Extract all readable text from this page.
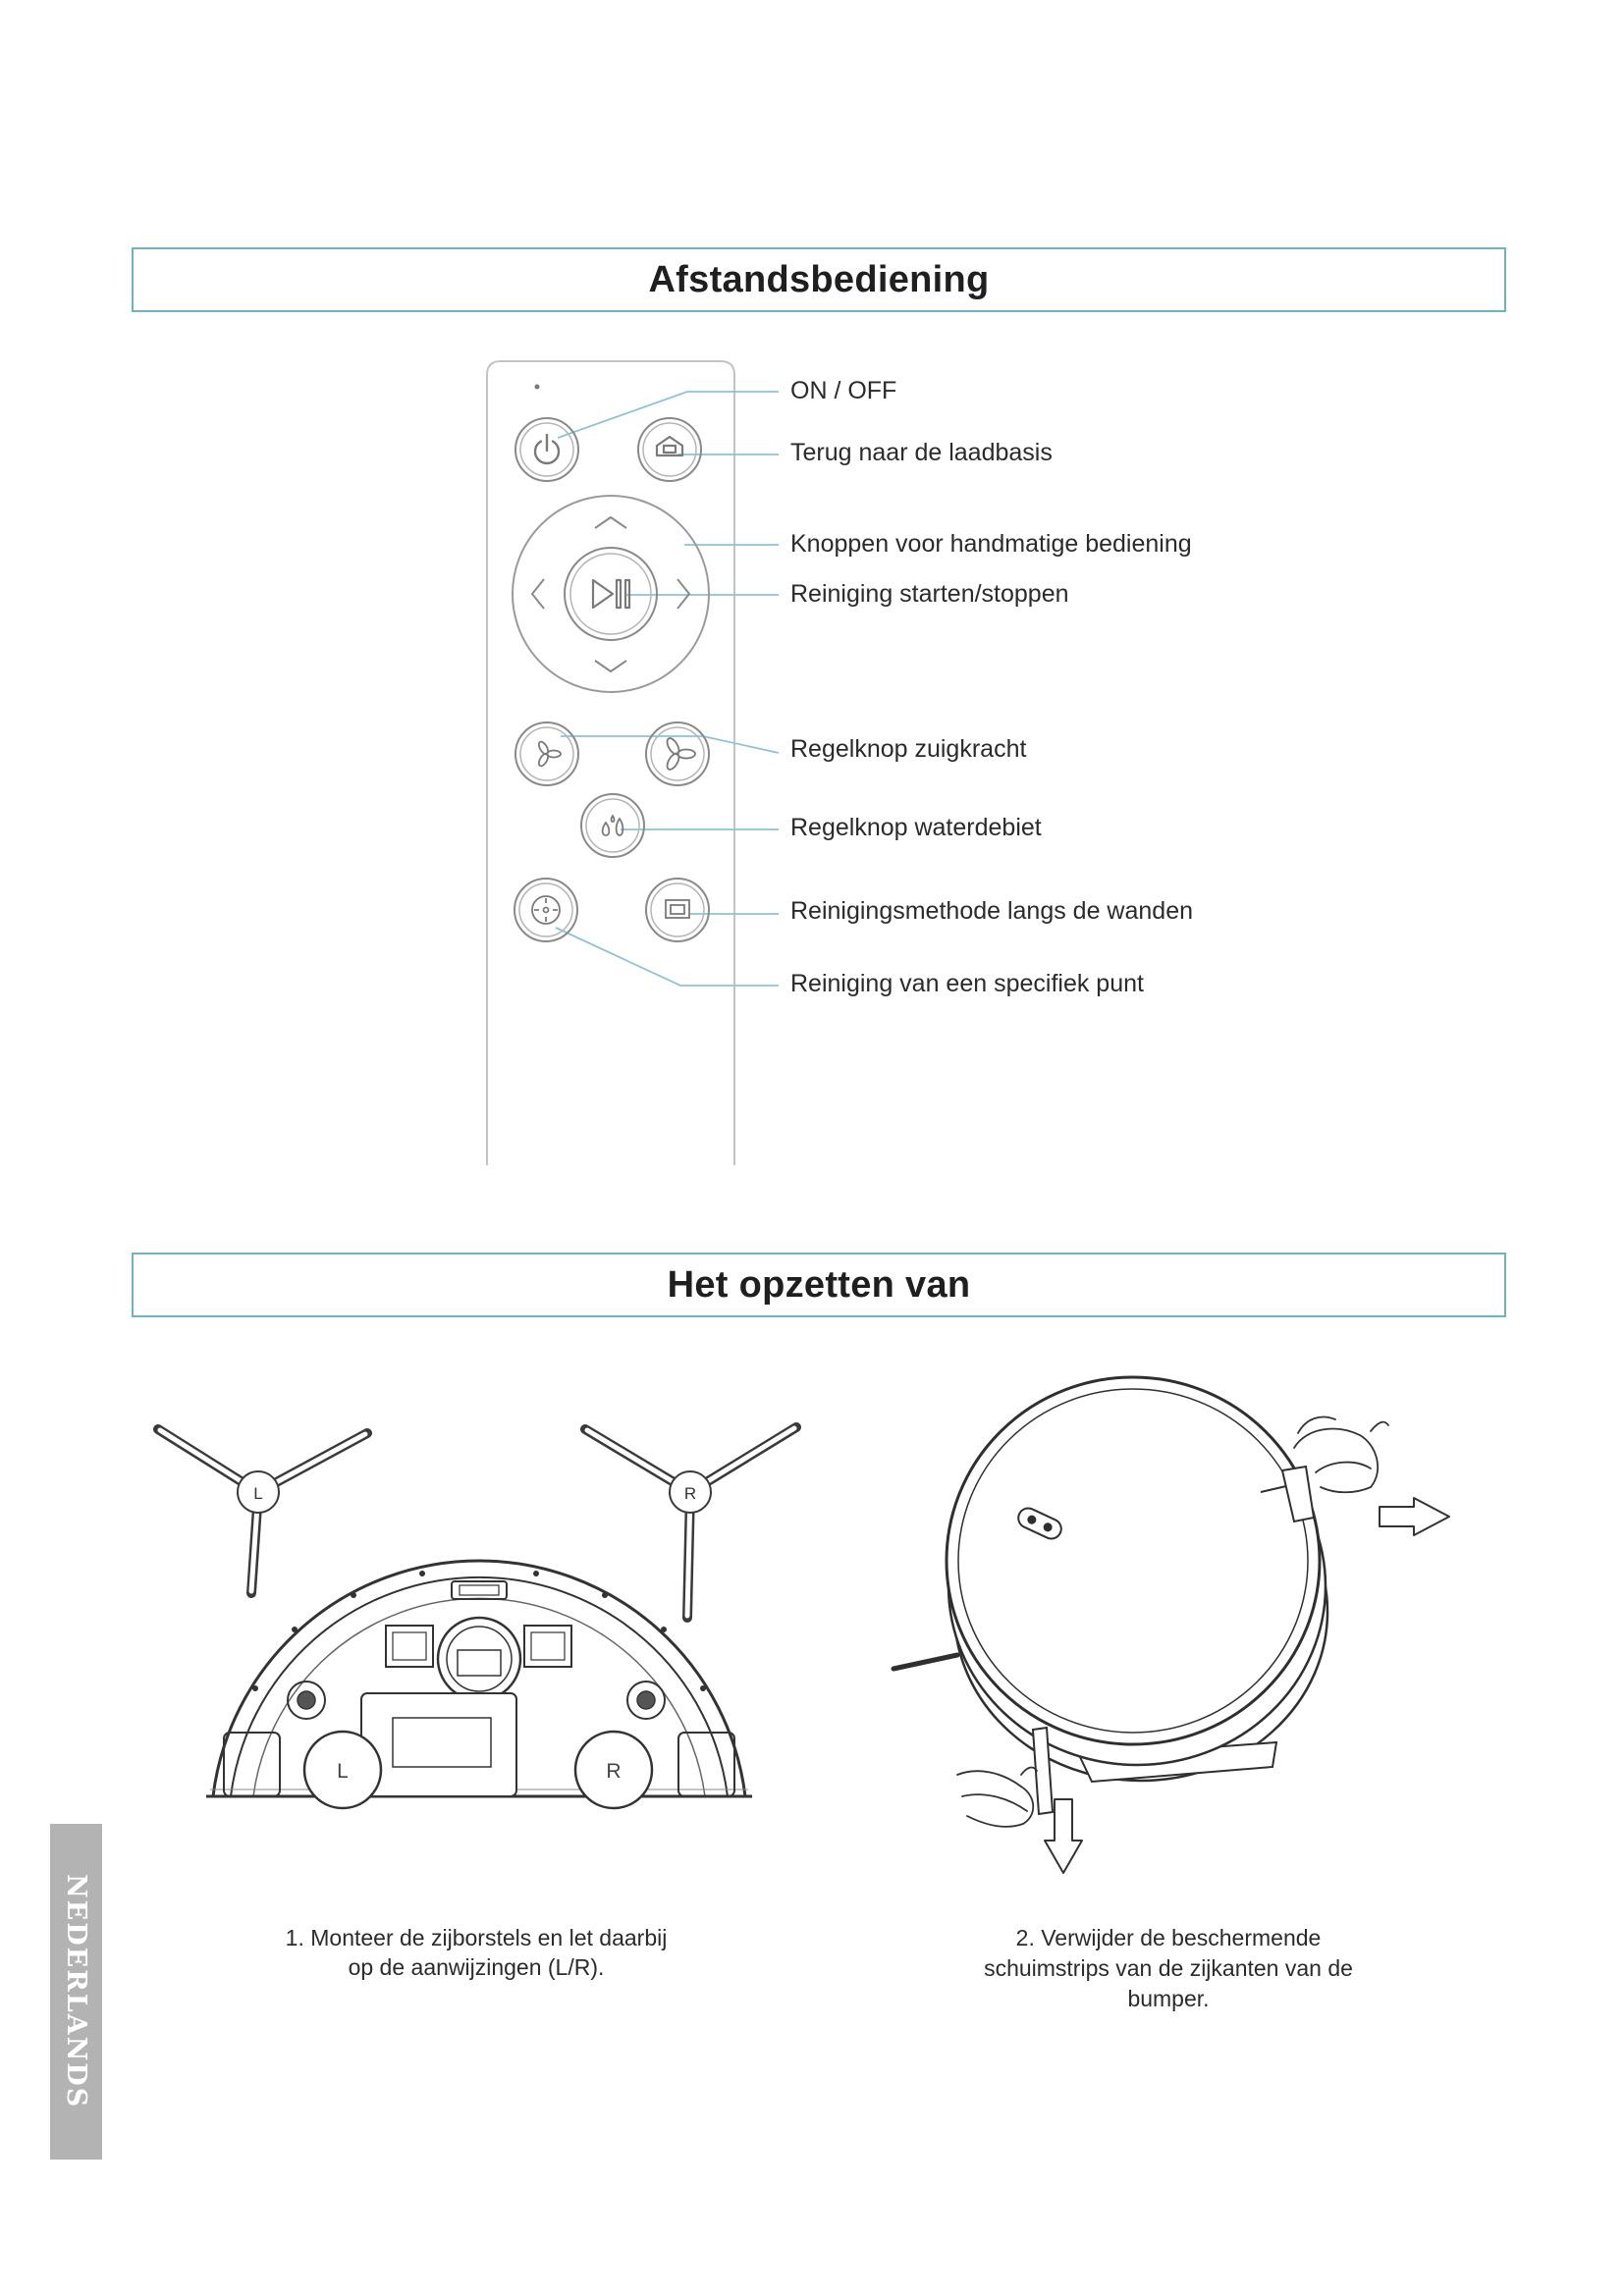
Afstandsbediening
L	R
L	R
ON / OFF
Terug naar de laadbasis
Knoppen voor handmatige bediening
Reiniging starten/stoppen
Regelknop zuigkracht
Regelknop waterdebiet
Reinigingsmethode langs de wanden
Reiniging van een specifiek punt
Het opzetten van
1. Monteer de zijborstels en let daarbij
op de aanwijzingen (L/R).
2. Verwijder de beschermende
schuimstrips van de zijkanten van de
bumper.
NEDERLANDS
